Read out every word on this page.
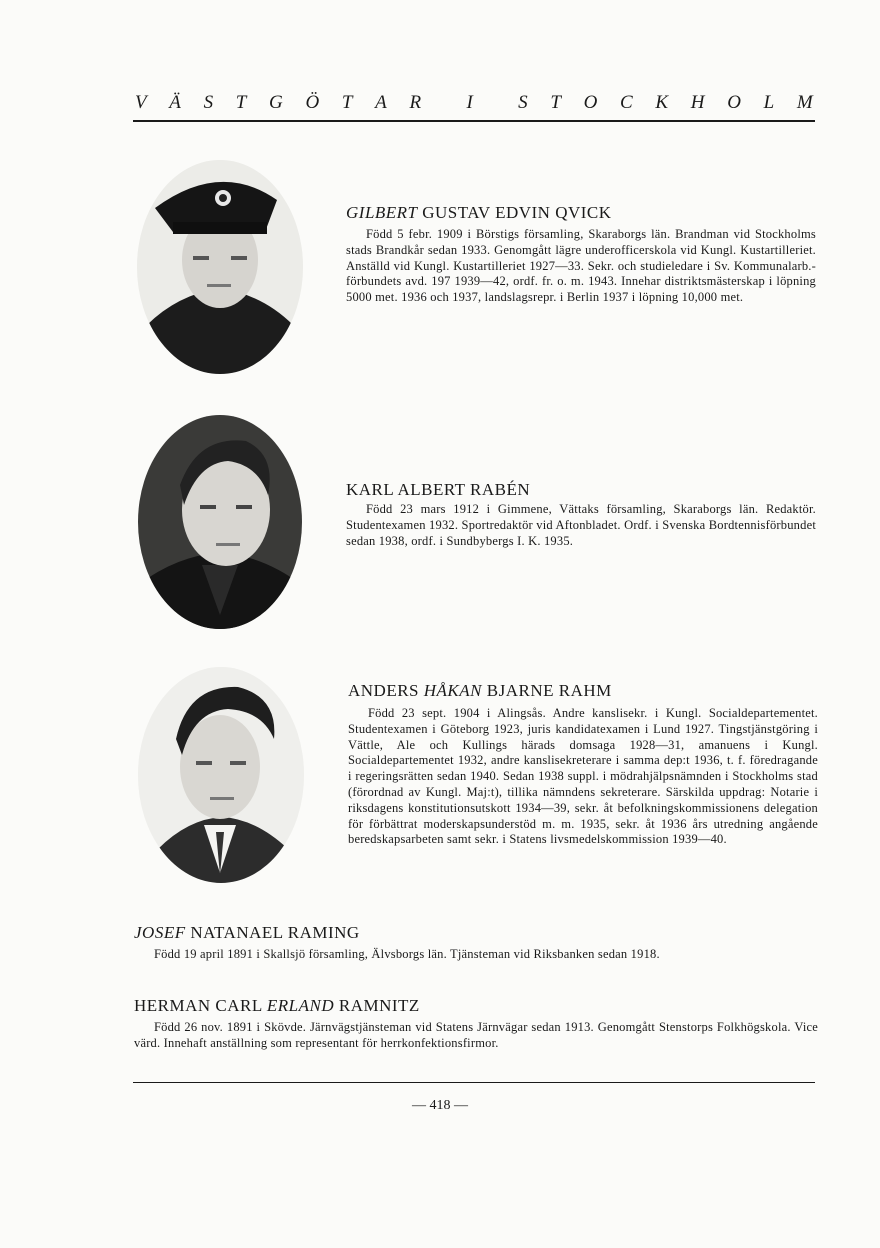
V Ä S T G Ö T A R I S T O C K H O L M
GILBERT GUSTAV EDVIN QVICK

Född 5 febr. 1909 i Börstigs församling, Skaraborgs län. Brandman vid Stockholms stads Brandkår sedan 1933. Genomgått lägre underofficerskola vid Kungl. Kustartilleriet. Anställd vid Kungl. Kustartilleriet 1927—33. Sekr. och studieledare i Sv. Kommunalarb.-förbundets avd. 197 1939—42, ordf. fr. o. m. 1943. Innehar distriktsmästerskap i löpning 5000 met. 1936 och 1937, landslagsrepr. i Berlin 1937 i löpning 10,000 met.

KARL ALBERT RABÉN

Född 23 mars 1912 i Gimmene, Vättaks församling, Skaraborgs län. Redaktör. Studentexamen 1932. Sportredaktör vid Aftonbladet. Ordf. i Svenska Bordtennisförbundet sedan 1938, ordf. i Sundbybergs I. K. 1935.

ANDERS HÅKAN BJARNE RAHM

Född 23 sept. 1904 i Alingsås. Andre kanslisekr. i Kungl. Socialdepartementet. Studentexamen i Göteborg 1923, juris kandidatexamen i Lund 1927. Tingstjänstgöring i Vättle, Ale och Kullings härads domsaga 1928—31, amanuens i Kungl. Socialdepartementet 1932, andre kanslisekreterare i samma dep:t 1936, t. f. föredragande i regeringsrätten sedan 1940. Sedan 1938 suppl. i mödrahjälpsnämnden i Stockholms stad (förordnad av Kungl. Maj:t), tillika nämndens sekreterare. Särskilda uppdrag: Notarie i riksdagens konstitutionsutskott 1934—39, sekr. åt befolkningskommissionens delegation för förbättrat moderskapsunderstöd m. m. 1935, sekr. åt 1936 års utredning angående beredskapsarbeten samt sekr. i Statens livsmedelskommission 1939—40.

JOSEF NATANAEL RAMING

Född 19 april 1891 i Skallsjö församling, Älvsborgs län. Tjänsteman vid Riksbanken sedan 1918.

HERMAN CARL ERLAND RAMNITZ

Född 26 nov. 1891 i Skövde. Järnvägstjänsteman vid Statens Järnvägar sedan 1913. Genomgått Stenstorps Folkhögskola. Vice värd. Innehaft anställning som representant för herrkonfektionsfirmor.

— 418 —
